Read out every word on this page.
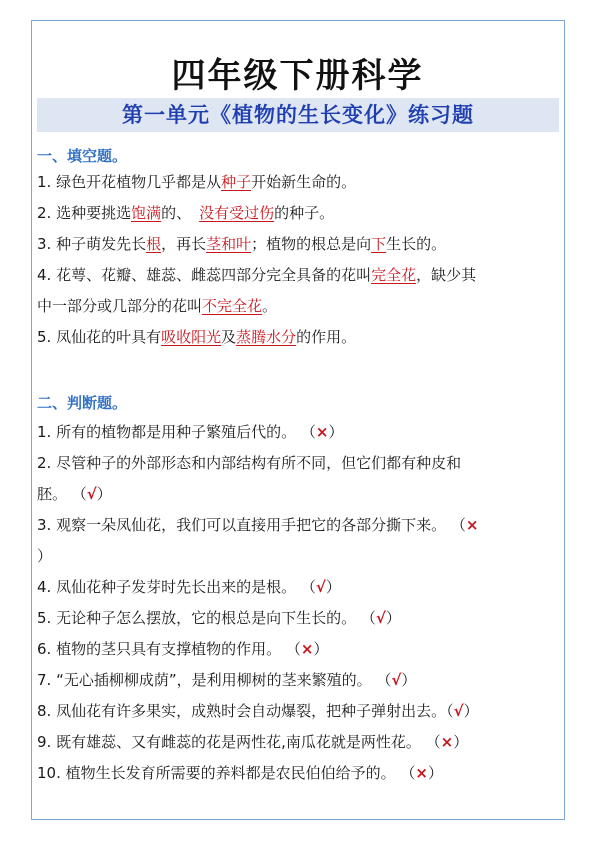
四年级下册科学
第一单元《植物的生长变化》练习题
一、填空题。
1. 绿色开花植物几乎都是从种子开始新生命的。
2. 选种要挑选饱满的、 没有受过伤的种子。
3. 种子萌发先长根，再长茎和叶；植物的根总是向下生长的。
4. 花萼、花瓣、雄蕊、雌蕊四部分完全具备的花叫完全花，缺少其
中一部分或几部分的花叫不完全花。
5. 凤仙花的叶具有吸收阳光及蒸腾水分的作用。
二、判断题。
1. 所有的植物都是用种子繁殖后代的。 （×）
2. 尽管种子的外部形态和内部结构有所不同，但它们都有种皮和
胚。 （√）
3. 观察一朵凤仙花，我们可以直接用手把它的各部分撕下来。 （×
）
4. 凤仙花种子发芽时先长出来的是根。 （√）
5. 无论种子怎么摆放，它的根总是向下生长的。 （√）
6. 植物的茎只具有支撑植物的作用。 （×）
7. “无心插柳柳成荫”，是利用柳树的茎来繁殖的。 （√）
8. 凤仙花有许多果实，成熟时会自动爆裂，把种子弹射出去。（√）
9. 既有雄蕊、又有雌蕊的花是两性花,南瓜花就是两性花。 （×）
10. 植物生长发育所需要的养料都是农民伯伯给予的。 （×）
